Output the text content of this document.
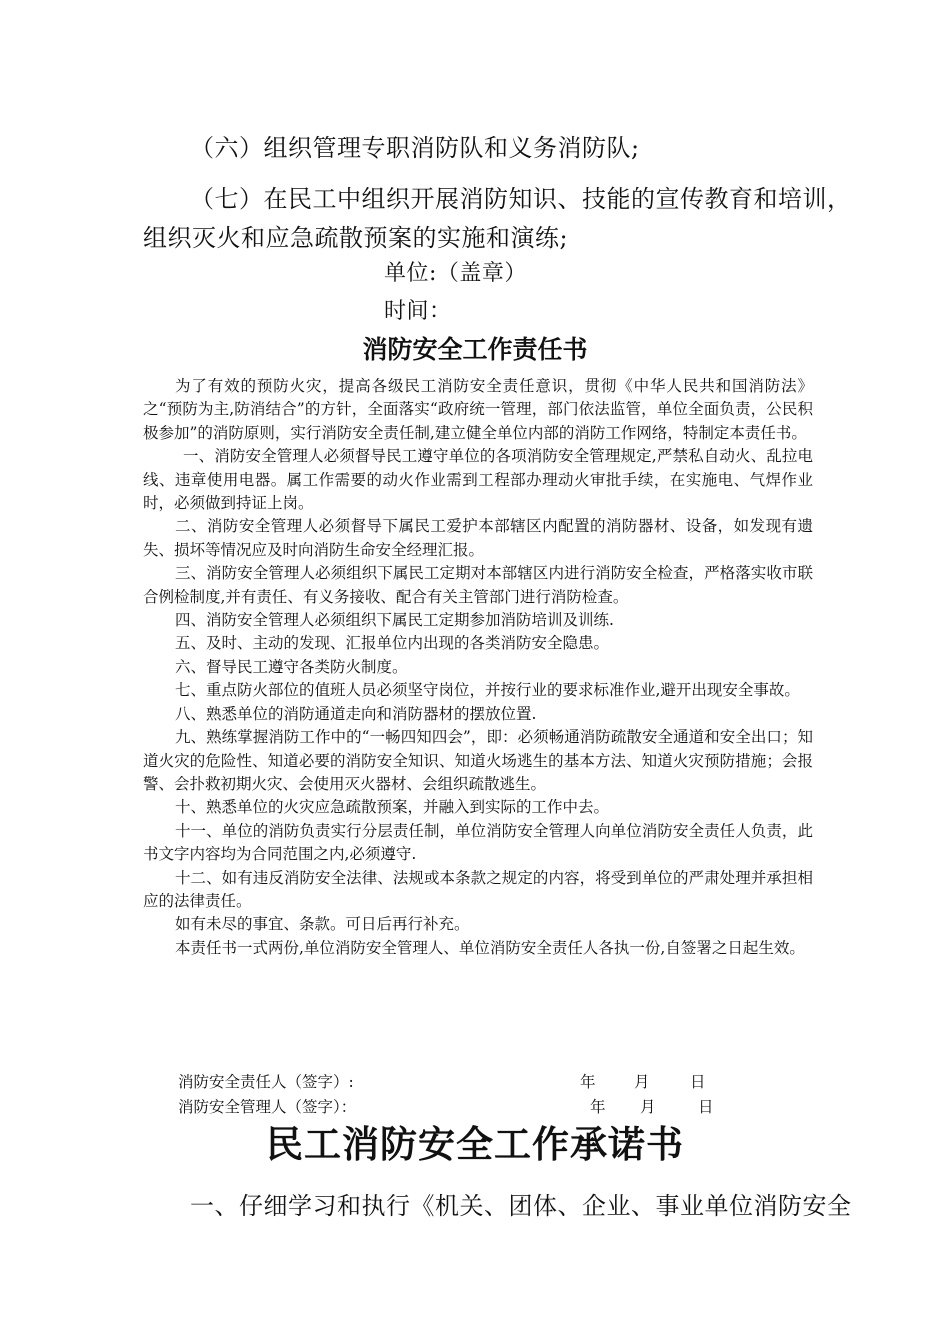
（六）组织管理专职消防队和义务消防队;
（七）在民工中组织开展消防知识、技能的宣传教育和培训，
组织灭火和应急疏散预案的实施和演练;
单位:（盖章）
时间：
消防安全工作责任书

为了有效的预防火灾，提高各级民工消防安全责任意识，贯彻《中华人民共和国消防法》之“预防为主,防消结合”的方针，全面落实“政府统一管理，部门依法监管，单位全面负责，公民积极参加”的消防原则，实行消防安全责任制,建立健全单位内部的消防工作网络，特制定本责任书。

一、消防安全管理人必须督导民工遵守单位的各项消防安全管理规定,严禁私自动火、乱拉电线、违章使用电器。属工作需要的动火作业需到工程部办理动火审批手续，在实施电、气焊作业时，必须做到持证上岗。

二、消防安全管理人必须督导下属民工爱护本部辖区内配置的消防器材、设备，如发现有遗失、损坏等情况应及时向消防生命安全经理汇报。

三、消防安全管理人必须组织下属民工定期对本部辖区内进行消防安全检查，严格落实收市联合例检制度,并有责任、有义务接收、配合有关主管部门进行消防检查。

四、消防安全管理人必须组织下属民工定期参加消防培训及训练.

五、及时、主动的发现、汇报单位内出现的各类消防安全隐患。

六、督导民工遵守各类防火制度。

七、重点防火部位的值班人员必须坚守岗位，并按行业的要求标准作业,避开出现安全事故。

八、熟悉单位的消防通道走向和消防器材的摆放位置.

九、熟练掌握消防工作中的“一畅四知四会”，即：必须畅通消防疏散安全通道和安全出口；知道火灾的危险性、知道必要的消防安全知识、知道火场逃生的基本方法、知道火灾预防措施；会报警、会扑救初期火灾、会使用灭火器材、会组织疏散逃生。

十、熟悉单位的火灾应急疏散预案，并融入到实际的工作中去。

十一、单位的消防负责实行分层责任制，单位消防安全管理人向单位消防安全责任人负责，此书文字内容均为合同范围之内,必须遵守.

十二、如有违反消防安全法律、法规或本条款之规定的内容，将受到单位的严肃处理并承担相应的法律责任。

如有未尽的事宜、条款。可日后再行补充。

本责任书一式两份,单位消防安全管理人、单位消防安全责任人各执一份,自签署之日起生效。

消防安全责任人（签字）:	年 月	日
消防安全管理人（签字）：	年 月	日
民工消防安全工作承诺书
一、仔细学习和执行《机关、团体、企业、事业单位消防安全
